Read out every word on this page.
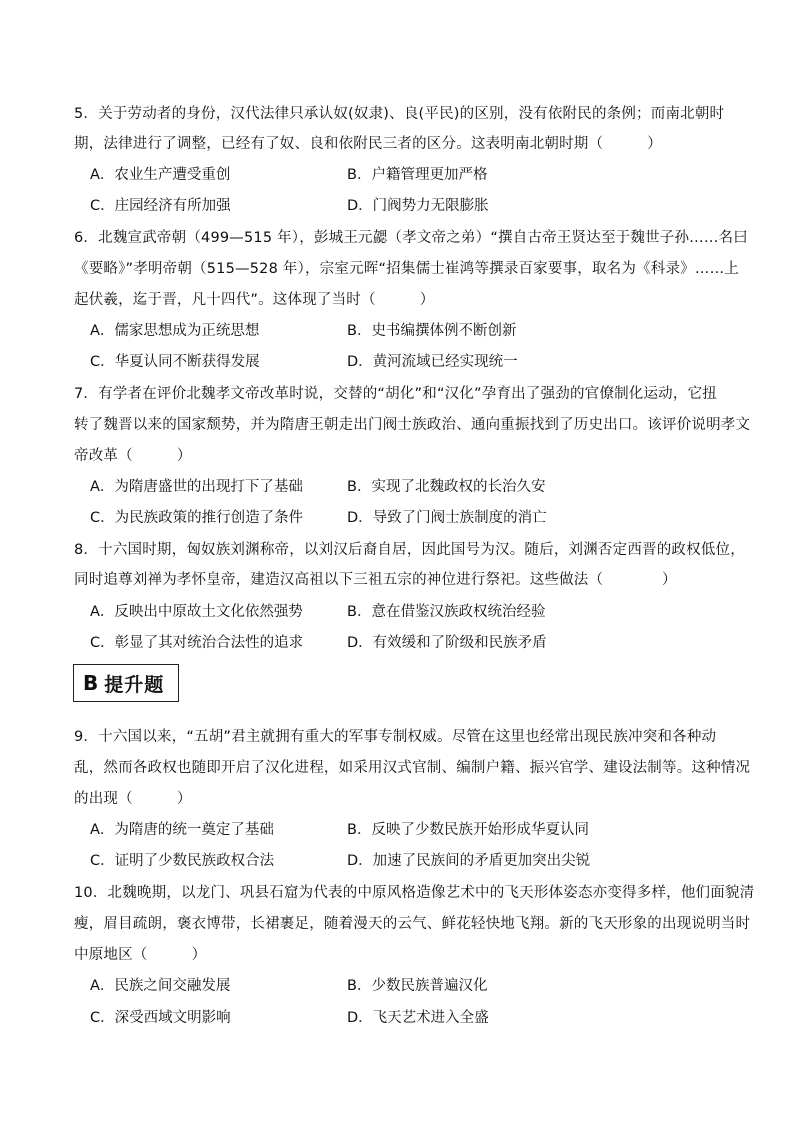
5．关于劳动者的身份，汉代法律只承认奴(奴隶)、良(平民)的区别，没有依附民的条例；而南北朝时
期，法律进行了调整，已经有了奴、良和依附民三者的区分。这表明南北朝时期（　　　）
A．农业生产遭受重创	B．户籍管理更加严格
C．庄园经济有所加强	D．门阀势力无限膨胀
6．北魏宣武帝朝（499—515 年），彭城王元勰（孝文帝之弟）“撰自古帝王贤达至于魏世子孙……名曰
《要略》”孝明帝朝（515—528 年），宗室元晖“招集儒士崔鸿等撰录百家要事，取名为《科录》……上
起伏羲，迄于晋，凡十四代”。这体现了当时（　　　）
A．儒家思想成为正统思想	B．史书编撰体例不断创新
C．华夏认同不断获得发展	D．黄河流域已经实现统一
7．有学者在评价北魏孝文帝改革时说，交替的“胡化”和“汉化”孕育出了强劲的官僚制化运动，它扭
转了魏晋以来的国家颓势，并为隋唐王朝走出门阀士族政治、通向重振找到了历史出口。该评价说明孝文
帝改革（　　　）
A．为隋唐盛世的出现打下了基础	B．实现了北魏政权的长治久安
C．为民族政策的推行创造了条件	D．导致了门阀士族制度的消亡
8．十六国时期，匈奴族刘渊称帝，以刘汉后裔自居，因此国号为汉。随后，刘渊否定西晋的政权低位，
同时追尊刘禅为孝怀皇帝，建造汉高祖以下三祖五宗的神位进行祭祀。这些做法（　　　　）
A．反映出中原故土文化依然强势	B．意在借鉴汉族政权统治经验
C．彰显了其对统治合法性的追求	D．有效缓和了阶级和民族矛盾
B 提升题
9．十六国以来，“五胡”君主就拥有重大的军事专制权威。尽管在这里也经常出现民族冲突和各种动
乱，然而各政权也随即开启了汉化进程，如采用汉式官制、编制户籍、振兴官学、建设法制等。这种情况
的出现（　　　）
A．为隋唐的统一奠定了基础	B．反映了少数民族开始形成华夏认同
C．证明了少数民族政权合法	D．加速了民族间的矛盾更加突出尖锐
10．北魏晚期，以龙门、巩县石窟为代表的中原风格造像艺术中的飞天形体姿态亦变得多样，他们面貌清
瘦，眉目疏朗，褒衣博带，长裙裹足，随着漫天的云气、鲜花轻快地飞翔。新的飞天形象的出现说明当时
中原地区（　　　）
A．民族之间交融发展	B．少数民族普遍汉化
C．深受西域文明影响	D．飞天艺术进入全盛
